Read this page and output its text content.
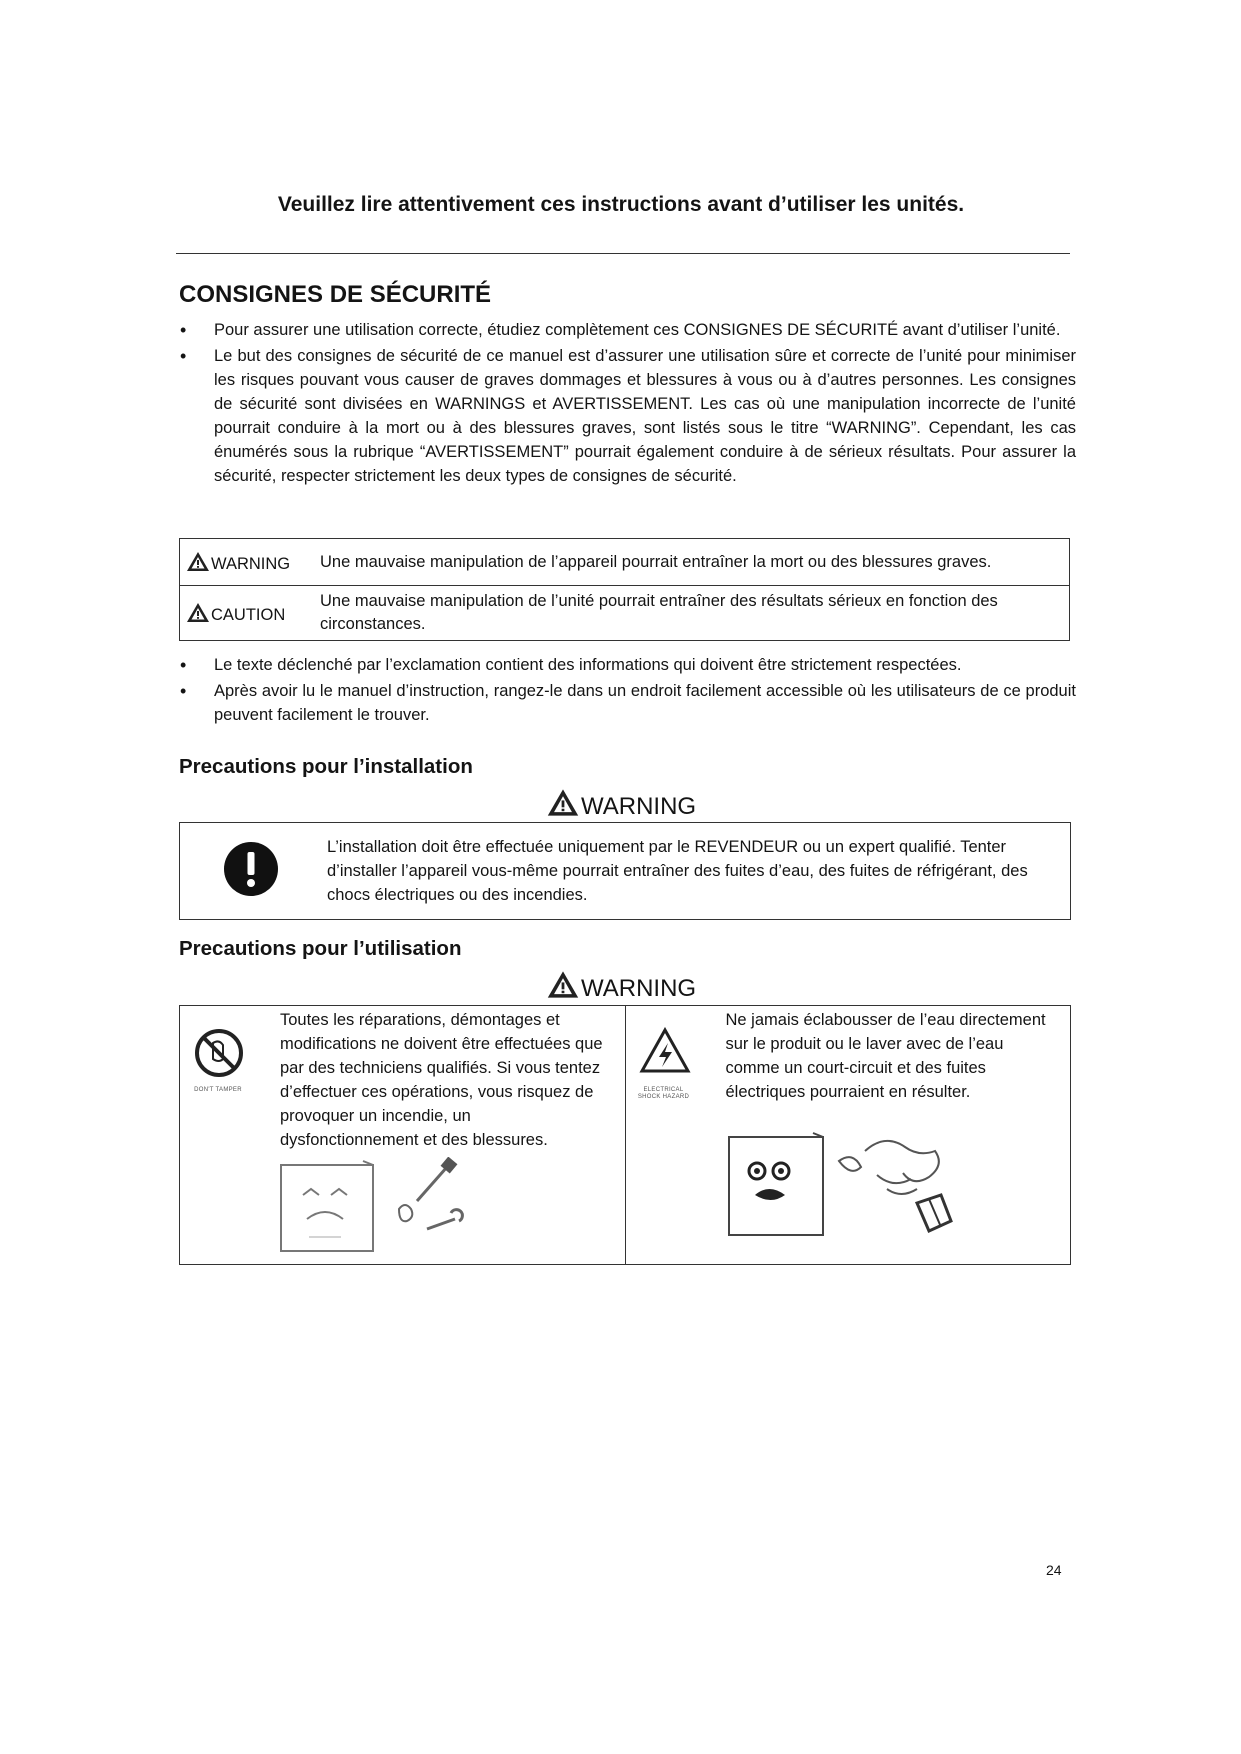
Veuillez lire attentivement ces instructions avant d’utiliser les unités.
CONSIGNES DE SÉCURITÉ
• Pour assurer une utilisation correcte, étudiez complètement ces CONSIGNES DE SÉCURITÉ avant d’utiliser l’unité.
• Le but des consignes de sécurité de ce manuel est d’assurer une utilisation sûre et correcte de l’unité pour minimiser les risques pouvant vous causer de graves dommages et blessures à vous ou à d’autres personnes. Les consignes de sécurité sont divisées en WARNINGS et AVERTISSEMENT. Les cas où une manipulation incorrecte de l’unité pourrait conduire à la mort ou à des blessures graves, sont listés sous le titre “WARNING”. Cependant, les cas énumérés sous la rubrique “AVERTISSEMENT” pourrait également conduire à de sérieux résultats. Pour assurer la sécurité, respecter strictement les deux types de consignes de sécurité.
WARNING	Une mauvaise manipulation de l’appareil pourrait entraîner la mort ou des blessures graves.
CAUTION	Une mauvaise manipulation de l’unité pourrait entraîner des résultats sérieux en fonction des circonstances.
• Le texte déclenché par l’exclamation contient des informations qui doivent être strictement respectées.
• Après avoir lu le manuel d’instruction, rangez-le dans un endroit facilement accessible où les utilisateurs de ce produit peuvent facilement le trouver.
Precautions pour l’installation
WARNING
	L’installation doit être effectuée uniquement par le REVENDEUR ou un expert qualifié. Tenter d’installer l’appareil vous-même pourrait entraîner des fuites d’eau, des fuites de réfrigérant, des chocs électriques ou des incendies.
Precautions pour l’utilisation
WARNING
DON'T TAMPER
Toutes les réparations, démontages et modifications ne doivent être effectuées que par des techniciens qualifiés. Si vous tentez d’effectuer ces opérations, vous risquez de provoquer un incendie, un dysfonctionnement et des blessures.

ELECTRICAL SHOCK HAZARD
Ne jamais éclabousser de l’eau directement sur le produit ou le laver avec de l’eau comme un court-circuit et des fuites électriques pourraient en résulter.
24
